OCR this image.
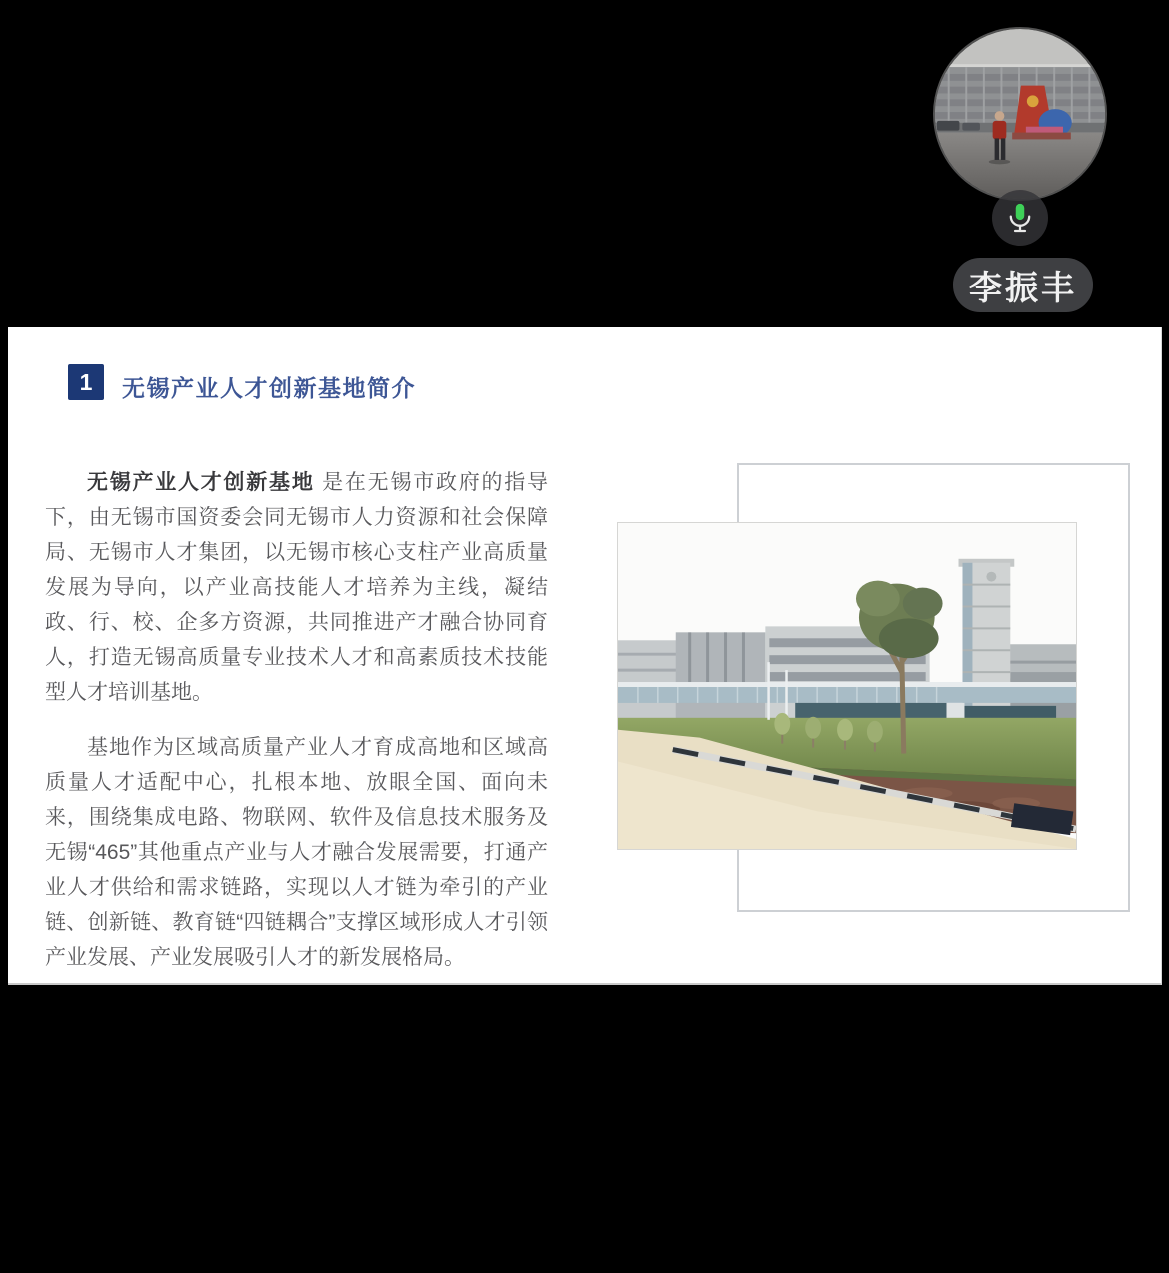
李振丰
1 无锡产业人才创新基地简介

无锡产业人才创新基地 是在无锡市政府的指导下，由无锡市国资委会同无锡市人力资源和社会保障局、无锡市人才集团，以无锡市核心支柱产业高质量发展为导向，以产业高技能人才培养为主线，凝结政、行、校、企多方资源，共同推进产才融合协同育人，打造无锡高质量专业技术人才和高素质技术技能型人才培训基地。

基地作为区域高质量产业人才育成高地和区域高质量人才适配中心，扎根本地、放眼全国、面向未来，围绕集成电路、物联网、软件及信息技术服务及无锡“465”其他重点产业与人才融合发展需要，打通产业人才供给和需求链路，实现以人才链为牵引的产业链、创新链、教育链“四链耦合”支撑区域形成人才引领产业发展、产业发展吸引人才的新发展格局。
